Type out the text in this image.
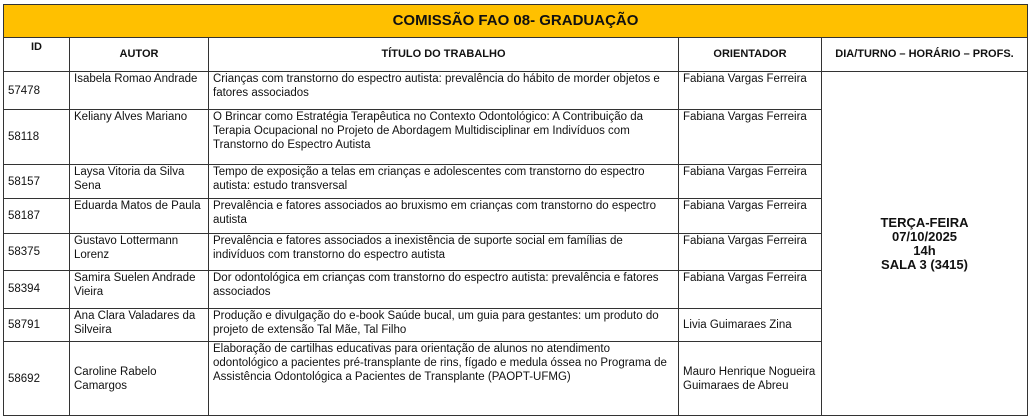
COMISSÃO FAO 08- GRADUAÇÃO				
ID	AUTOR	TÍTULO DO TRABALHO	ORIENTADOR	DIA/TURNO – HORÁRIO – PROFS.
57478	Isabela Romao Andrade	Crianças com transtorno do espectro autista: prevalência do hábito de morder objetos e fatores associados	Fabiana Vargas Ferreira	TERÇA-FEIRA
07/10/2025
14h
SALA 3 (3415)

58118	Keliany Alves Mariano	O Brincar como Estratégia Terapêutica no Contexto Odontológico: A Contribuição da Terapia Ocupacional no Projeto de Abordagem Multidisciplinar em Indivíduos com Transtorno do Espectro Autista	Fabiana Vargas Ferreira	
58157	Laysa Vitoria da Silva Sena	Tempo de exposição a telas em crianças e adolescentes com transtorno do espectro autista: estudo transversal	Fabiana Vargas Ferreira	
58187	Eduarda Matos de Paula	Prevalência e fatores associados ao bruxismo em crianças com transtorno do espectro autista	Fabiana Vargas Ferreira	
58375	Gustavo Lottermann Lorenz	Prevalência e fatores associados a inexistência de suporte social em famílias de indivíduos com transtorno do espectro autista	Fabiana Vargas Ferreira	
58394	Samira Suelen Andrade Vieira	Dor odontológica em crianças com transtorno do espectro autista: prevalência e fatores associados	Fabiana Vargas Ferreira	
58791	Ana Clara Valadares da Silveira	Produção e divulgação do e-book Saúde bucal, um guia para gestantes: um produto do projeto de extensão Tal Mãe, Tal Filho	Livia Guimaraes Zina	
58692	Caroline Rabelo Camargos	Elaboração de cartilhas educativas para orientação de alunos no atendimento odontológico a pacientes pré-transplante de rins, fígado e medula óssea no Programa de Assistência Odontológica a Pacientes de Transplante (PAOPT-UFMG)	Mauro Henrique Nogueira Guimaraes de Abreu	
